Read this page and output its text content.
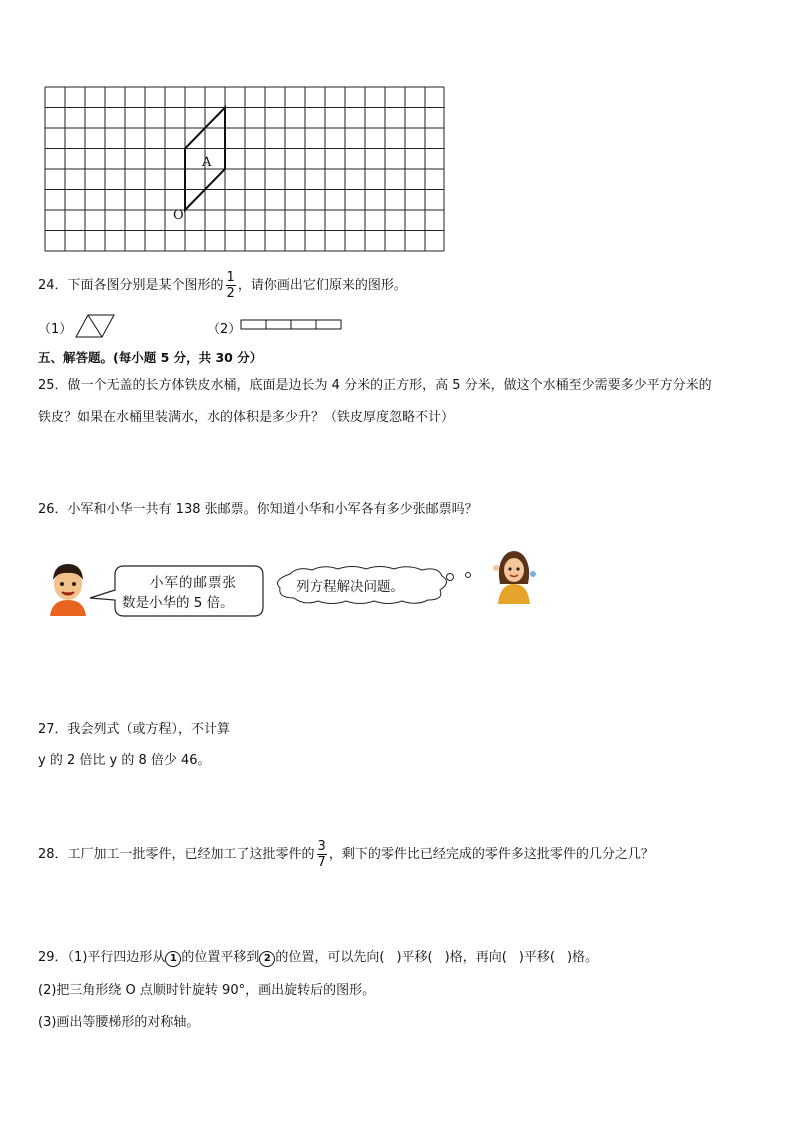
A
O
24．下面各图分别是某个图形的 $\frac{1}{2}$ ，请你画出它们原来的图形。
（1）	（2）
五、解答题。(每小题 5 分，共 30 分）
25．做一个无盖的长方体铁皮水桶，底面是边长为 4 分米的正方形，高 5 分米，做这个水桶至少需要多少平方分米的
铁皮？如果在水桶里装满水，水的体积是多少升？（铁皮厚度忽略不计）
26．小军和小华一共有 138 张邮票。你知道小华和小军各有多少张邮票吗？
小军的邮票张
数是小华的 5 倍。
列方程解决问题。
27．我会列式（或方程），不计算
y 的 2 倍比 y 的 8 倍少 46。
28．工厂加工一批零件，已经加工了这批零件的 $\frac{3}{7}$ ，剩下的零件比已经完成的零件多这批零件的几分之几？
29．（1)平行四边形从 1 的位置平移到 2 的位置，可以先向( )平移( )格，再向( )平移( )格。
(2)把三角形绕 O 点顺时针旋转 90°，画出旋转后的图形。
(3)画出等腰梯形的对称轴。
